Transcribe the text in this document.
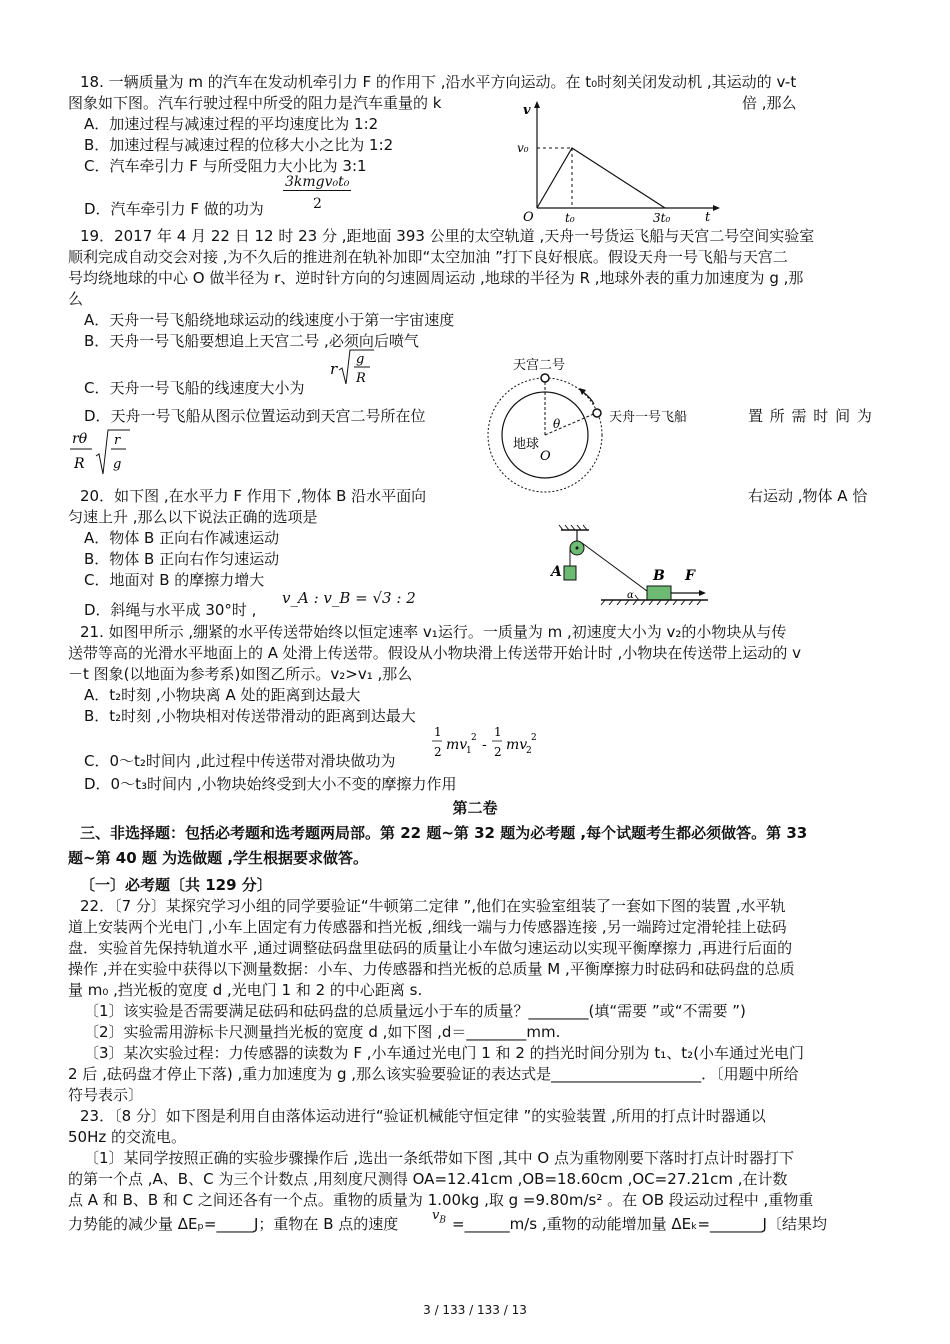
18. 一辆质量为 m 的汽车在发动机牵引力 F 的作用下 ,沿水平方向运动。在 t₀时刻关闭发动机 ,其运动的 v-t
图象如下图。汽车行驶过程中所受的阻力是汽车重量的 k	倍 ,那么
A．加速过程与减速过程的平均速度比为 1:2
B．加速过程与减速过程的位移大小之比为 1:2
C．汽车牵引力 F 与所受阻力大小比为 3:1
D．汽车牵引力 F 做的功为
3kmgv₀t₀
2
v
v₀
O	t₀	3t₀	t
19．2017 年 4 月 22 日 12 时 23 分 ,距地面 393 公里的太空轨道 ,天舟一号货运飞船与天宫二号空间实验室
顺利完成自动交会对接 ,为不久后的推进剂在轨补加即“太空加油 ”打下良好根底。假设天舟一号飞船与天宫二
号均绕地球的中心 O 做半径为 r、逆时针方向的匀速圆周运动 ,地球的半径为 R ,地球外表的重力加速度为 g ,那
么
A．天舟一号飞船绕地球运动的线速度小于第一宇宙速度
B．天舟一号飞船要想追上天宫二号 ,必须向后喷气
C．天舟一号飞船的线速度大小为
r
g
R
D．天舟一号飞船从图示位置运动到天宫二号所在位	置 所 需 时 间 为
rθ
R
r
g
天宫二号
天舟一号飞船
地球
O
θ
20．如下图 ,在水平力 F 作用下 ,物体 B 沿水平面向	右运动 ,物体 A 恰
匀速上升 ,那么以下说法正确的选项是
A．物体 B 正向右作减速运动
B．物体 B 正向右作匀速运动
C．地面对 B 的摩擦力增大
D．斜绳与水平成 30°时 ,
v_A : v_B = √3 : 2
A	B F
α
21. 如图甲所示 ,绷紧的水平传送带始终以恒定速率 v₁运行。一质量为 m ,初速度大小为 v₂的小物块从与传
送带等高的光滑水平地面上的 A 处滑上传送带。假设从小物块滑上传送带开始计时 ,小物块在传送带上运动的 v
－t 图象(以地面为参考系)如图乙所示。v₂>v₁ ,那么
A．t₂时刻 ,小物块离 A 处的距离到达最大
B．t₂时刻 ,小物块相对传送带滑动的距离到达最大
C．0～t₂时间内 ,此过程中传送带对滑块做功为
1
2 mv
1
2 -
1
2 mv
2
2
D．0～t₃时间内 ,小物块始终受到大小不变的摩擦力作用
第二卷
三、非选择题：包括必考题和选考题两局部。第 22 题~第 32 题为必考题 ,每个试题考生都必须做答。第 33
题~第 40 题 为选做题 ,学生根据要求做答。
〔一〕必考题〔共 129 分〕
22．〔7 分〕某探究学习小组的同学要验证“牛顿第二定律 ”,他们在实验室组装了一套如下图的装置 ,水平轨
道上安装两个光电门 ,小车上固定有力传感器和挡光板 ,细线一端与力传感器连接 ,另一端跨过定滑轮挂上砝码
盘．实验首先保持轨道水平 ,通过调整砝码盘里砝码的质量让小车做匀速运动以实现平衡摩擦力 ,再进行后面的
操作 ,并在实验中获得以下测量数据：小车、力传感器和挡光板的总质量 M ,平衡摩擦力时砝码和砝码盘的总质
量 m₀ ,挡光板的宽度 d ,光电门 1 和 2 的中心距离 s.
〔1〕该实验是否需要满足砝码和砝码盘的总质量远小于车的质量？________(填“需要 ”或“不需要 ”)
〔2〕实验需用游标卡尺测量挡光板的宽度 d ,如下图 ,d＝________mm.
〔3〕某次实验过程：力传感器的读数为 F ,小车通过光电门 1 和 2 的挡光时间分别为 t₁、t₂(小车通过光电门
2 后 ,砝码盘才停止下落) ,重力加速度为 g ,那么该实验要验证的表达式是____________________．〔用题中所给
符号表示〕
23．〔8 分〕如下图是利用自由落体运动进行“验证机械能守恒定律 ”的实验装置 ,所用的打点计时器通以
50Hz 的交流电。
〔1〕某同学按照正确的实验步骤操作后 ,选出一条纸带如下图 ,其中 O 点为重物刚要下落时打点计时器打下
的第一个点 ,A、B、C 为三个计数点 ,用刻度尺测得 OA=12.41cm ,OB=18.60cm ,OC=27.21cm ,在计数
点 A 和 B、B 和 C 之间还各有一个点。重物的质量为 1.00kg ,取 g =9.80m/s² 。在 OB 段运动过程中 ,重物重
力势能的减少量 ΔEₚ=_____J；重物在 B 点的速度	$v_B$ =______m/s ,重物的动能增加量 ΔEₖ=_______J〔结果均
3 / 133 / 133 / 13
